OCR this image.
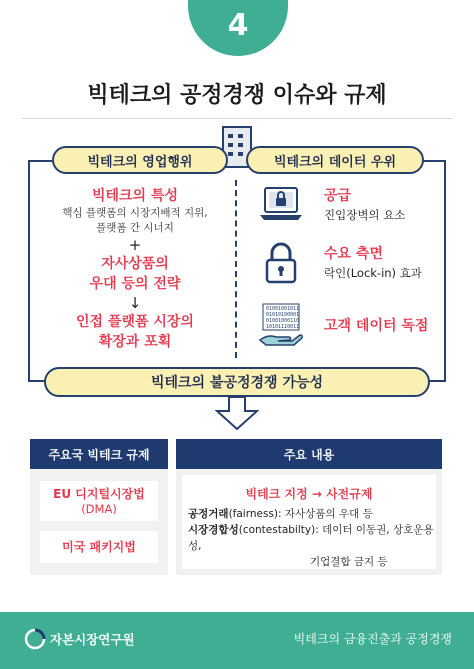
4
빅테크의 공정경쟁 이슈와 규제
빅테크의 영업행위	빅테크의 데이터 우위
빅테크의 특성
핵심 플랫폼의 시장지배적 지위,
플랫폼 간 시너지
+
자사상품의
우대 등의 전략
↓
인접 플랫폼 시장의
확장과 포획
공급
진입장벽의 요소
수요 측면
락인(Lock-in) 효과
01001001011
01010100001
01001000110
10101110011 고객 데이터 독점
빅테크의 불공정경쟁 가능성
주요국 빅테크 규제
EU 디지털시장법
(DMA)
미국 패키지법
주요 내용
빅테크 지정 → 사전규제
공정거래(fairness): 자사상품의 우대 등
시장경합성(contestabilty): 데이터 이동권, 상호운용성,
기업결합 금지 등
자본시장연구원	빅테크의 금융진출과 공정경쟁
